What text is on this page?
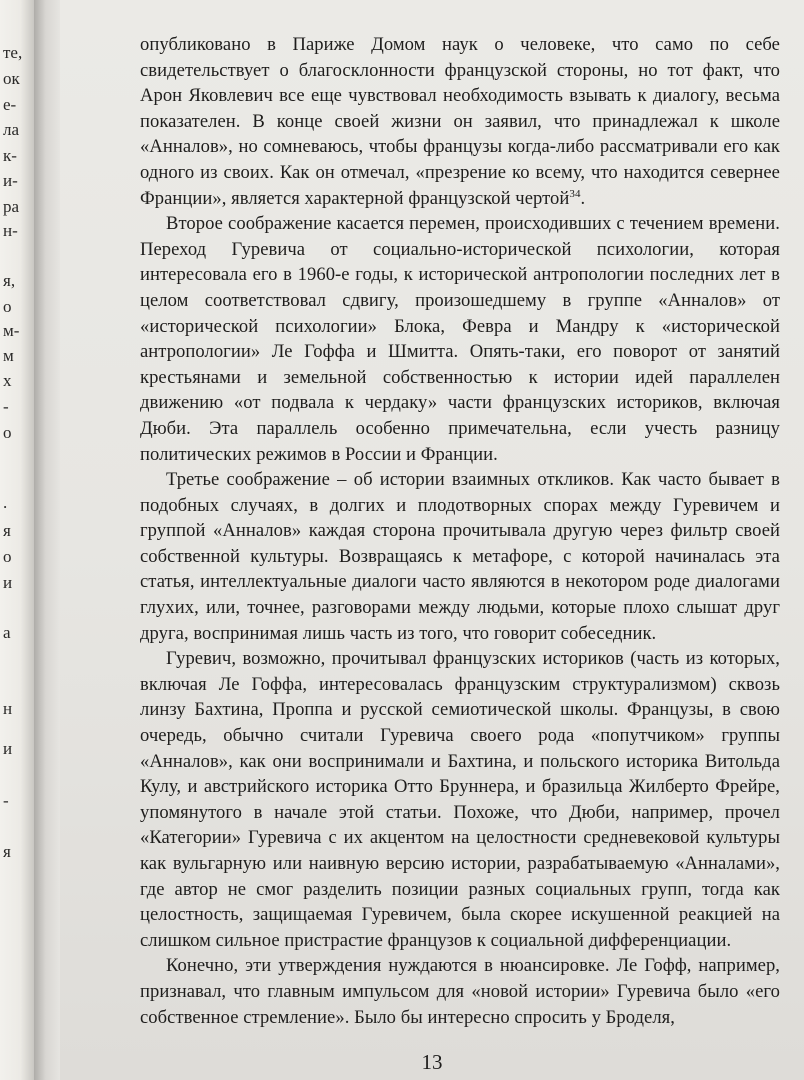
те,
ок
е-
ла
к-
и-
ра
н-
я,
о
м-
м
х
-
о
.
я
о
и
а
н
и
-
я

опубликовано в Париже Домом наук о человеке, что само по себе свидетельствует о благосклонности французской стороны, но тот факт, что Арон Яковлевич все еще чувствовал необходимость взывать к диалогу, весьма показателен. В конце своей жизни он заявил, что принадлежал к школе «Анналов», но сомневаюсь, чтобы французы когда-либо рассматривали его как одного из своих. Как он отмечал, «презрение ко всему, что находится севернее Франции», является характерной французской чертой$^{34}$.

Второе соображение касается перемен, происходивших с течением времени. Переход Гуревича от социально-исторической психологии, которая интересовала его в 1960-е годы, к исторической антропологии последних лет в целом соответствовал сдвигу, произошедшему в группе «Анналов» от «исторической психологии» Блока, Февра и Мандру к «исторической антропологии» Ле Гоффа и Шмитта. Опять-таки, его поворот от занятий крестьянами и земельной собственностью к истории идей параллелен движению «от подвала к чердаку» части французских историков, включая Дюби. Эта параллель особенно примечательна, если учесть разницу политических режимов в России и Франции.

Третье соображение – об истории взаимных откликов. Как часто бывает в подобных случаях, в долгих и плодотворных спорах между Гуревичем и группой «Анналов» каждая сторона прочитывала другую через фильтр своей собственной культуры. Возвращаясь к метафоре, с которой начиналась эта статья, интеллектуальные диалоги часто являются в некотором роде диалогами глухих, или, точнее, разговорами между людьми, которые плохо слышат друг друга, воспринимая лишь часть из того, что говорит собеседник.

Гуревич, возможно, прочитывал французских историков (часть из которых, включая Ле Гоффа, интересовалась французским структурализмом) сквозь линзу Бахтина, Проппа и русской семиотической школы. Французы, в свою очередь, обычно считали Гуревича своего рода «попутчиком» группы «Анналов», как они воспринимали и Бахтина, и польского историка Витольда Кулу, и австрийского историка Отто Бруннера, и бразильца Жилберто Фрейре, упомянутого в начале этой статьи. Похоже, что Дюби, например, прочел «Категории» Гуревича с их акцентом на целостности средневековой культуры как вульгарную или наивную версию истории, разрабатываемую «Анналами», где автор не смог разделить позиции разных социальных групп, тогда как целостность, защищаемая Гуревичем, была скорее искушенной реакцией на слишком сильное пристрастие французов к социальной дифференциации.

Конечно, эти утверждения нуждаются в нюансировке. Ле Гофф, например, признавал, что главным импульсом для «новой истории» Гуревича было «его собственное стремление». Было бы интересно спросить у Броделя,

13
